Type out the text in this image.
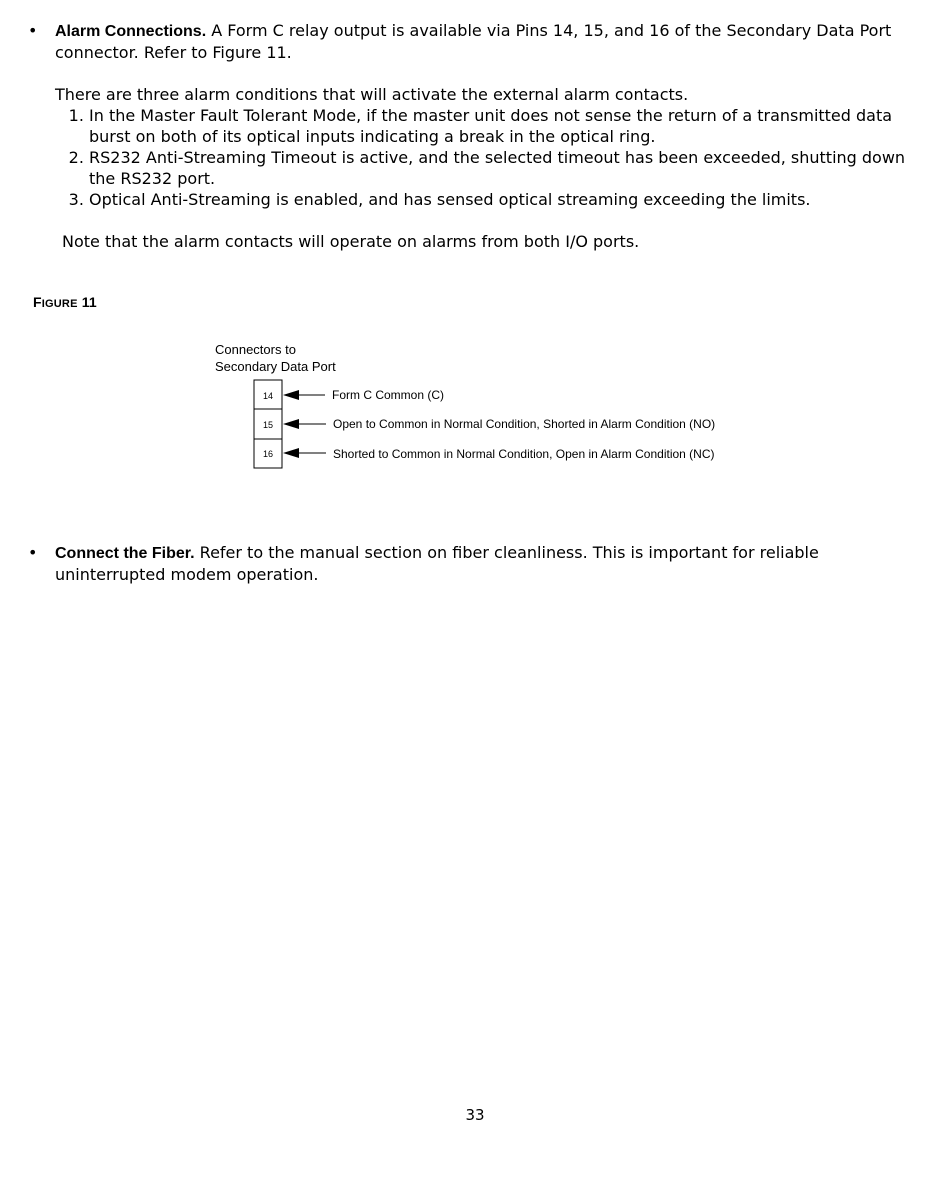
•	Alarm Connections. A Form C relay output is available via Pins 14, 15, and 16 of the Secondary Data Port connector. Refer to Figure 11.
There are three alarm conditions that will activate the external alarm contacts.
1. In the Master Fault Tolerant Mode, if the master unit does not sense the return of a transmitted data burst on both of its optical inputs indicating a break in the optical ring.
2. RS232 Anti-Streaming Timeout is active, and the selected timeout has been exceeded, shutting down the RS232 port.
3. Optical Anti-Streaming is enabled, and has sensed optical streaming exceeding the limits.
Note that the alarm contacts will operate on alarms from both I/O ports.
FIGURE 11
Connectors to
Secondary Data Port
14
15
16
Form C Common (C)
Open to Common in Normal Condition, Shorted in Alarm Condition (NO)
Shorted to Common in Normal Condition, Open in Alarm Condition (NC)
•	Connect the Fiber. Refer to the manual section on fiber cleanliness. This is important for reliable uninterrupted modem operation.
33
